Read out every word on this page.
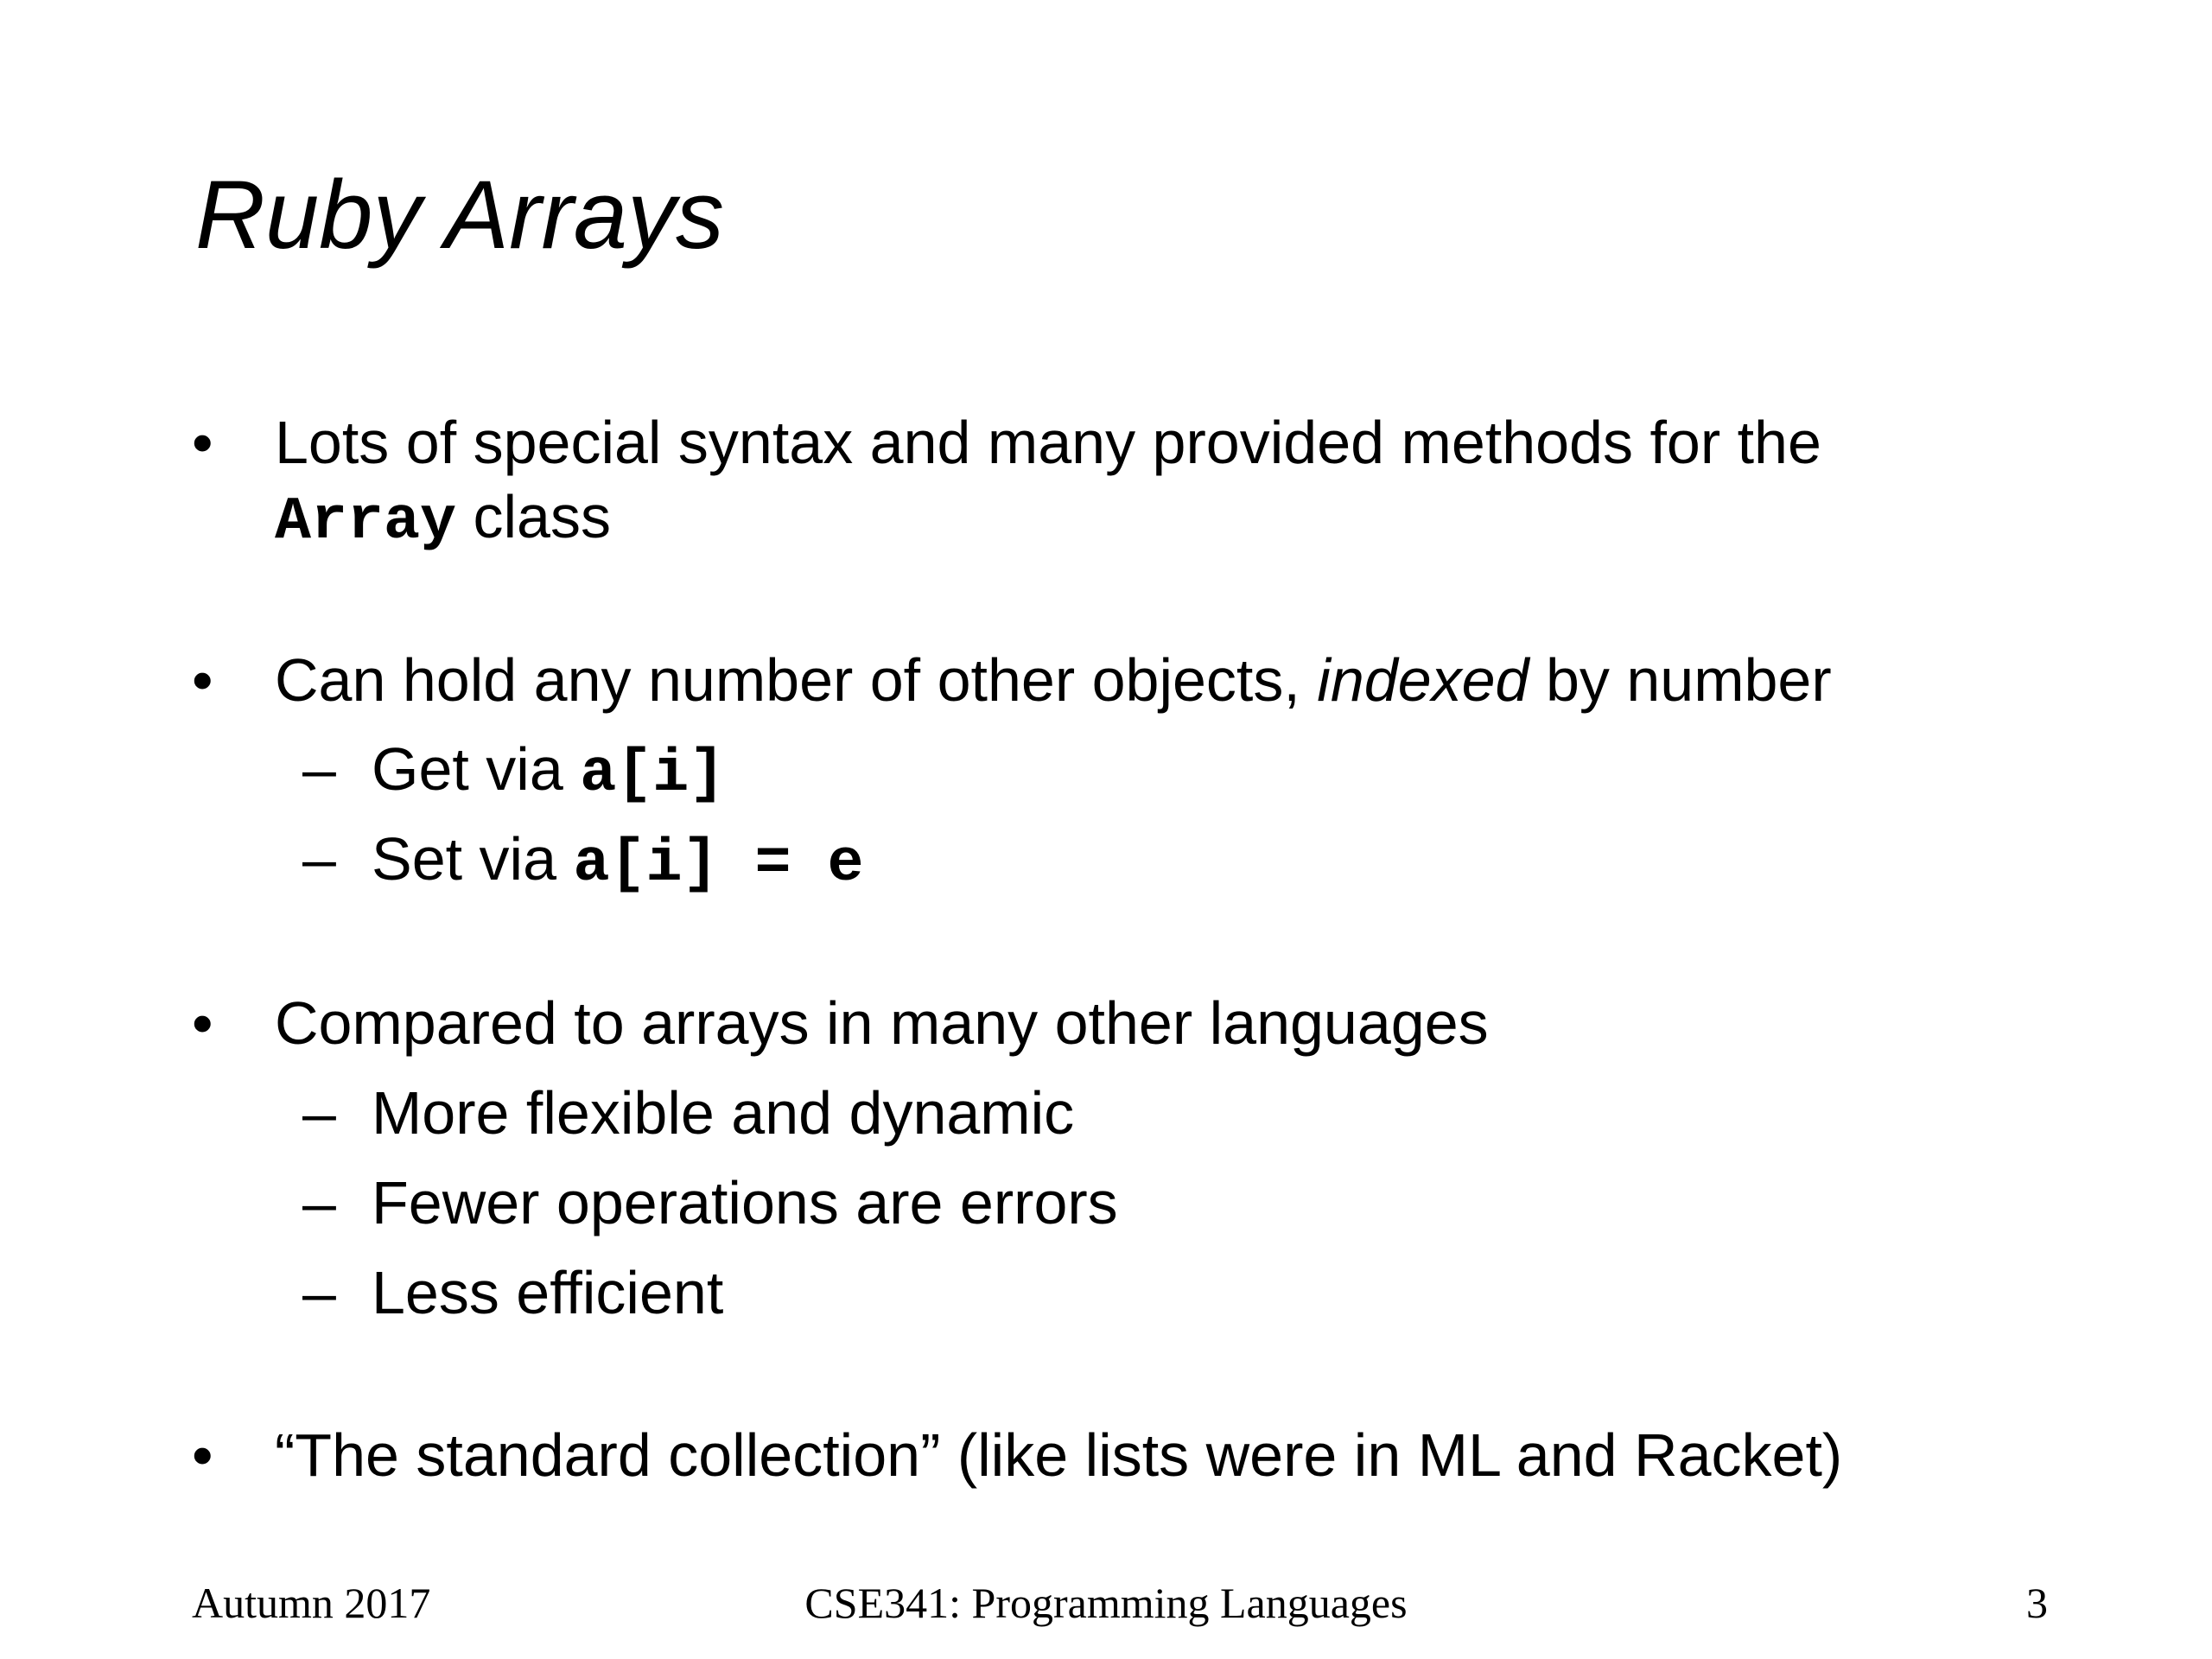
Ruby Arrays
• Lots of special syntax and many provided methods for the
Array class
• Can hold any number of other objects, indexed by number
– Get via a[i]
– Set via a[i] = e
• Compared to arrays in many other languages
– More flexible and dynamic
– Fewer operations are errors
– Less efficient
• “The standard collection” (like lists were in ML and Racket)
Autumn 2017	CSE341: Programming Languages	3
